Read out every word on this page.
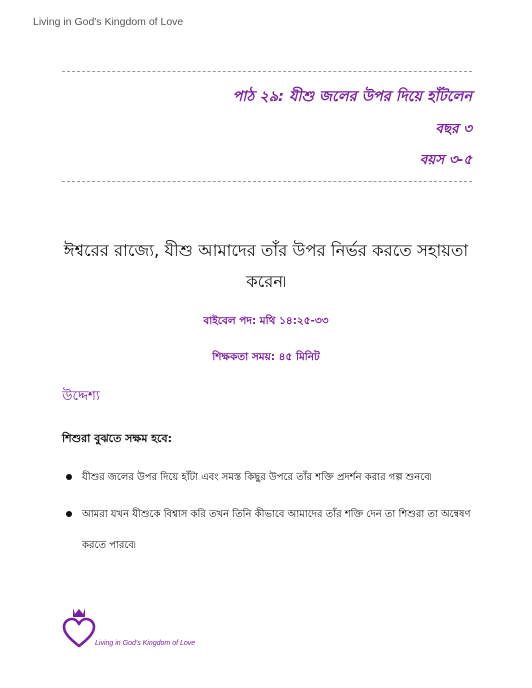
Living in God's Kingdom of Love
পাঠ ২৯: যীশু জলের উপর দিয়ে হাঁটলেন
বছর ৩
বয়স ৩-৫
ঈশ্বরের রাজ্যে, যীশু আমাদের তাঁর উপর নির্ভর করতে সহায়তা করেন৷
বাইবেল পদ: মথি ১৪:২৫-৩৩
শিক্ষকতা সময়: ৪৫ মিনিট
উদ্দেশ্য
শিশুরা বুঝতে সক্ষম হবে:
যীশুর জলের উপর দিয়ে হাঁটা এবং সমস্ত কিছুর উপরে তাঁর শক্তি প্রদর্শন করার গল্প শুনবে৷
আমরা যখন যীশুকে বিশ্বাস করি তখন তিনি কীভাবে আমাদের তাঁর শক্তি দেন তা শিশুরা তা অন্বেষণ করতে পারবে৷
Living in God's Kingdom of Love
